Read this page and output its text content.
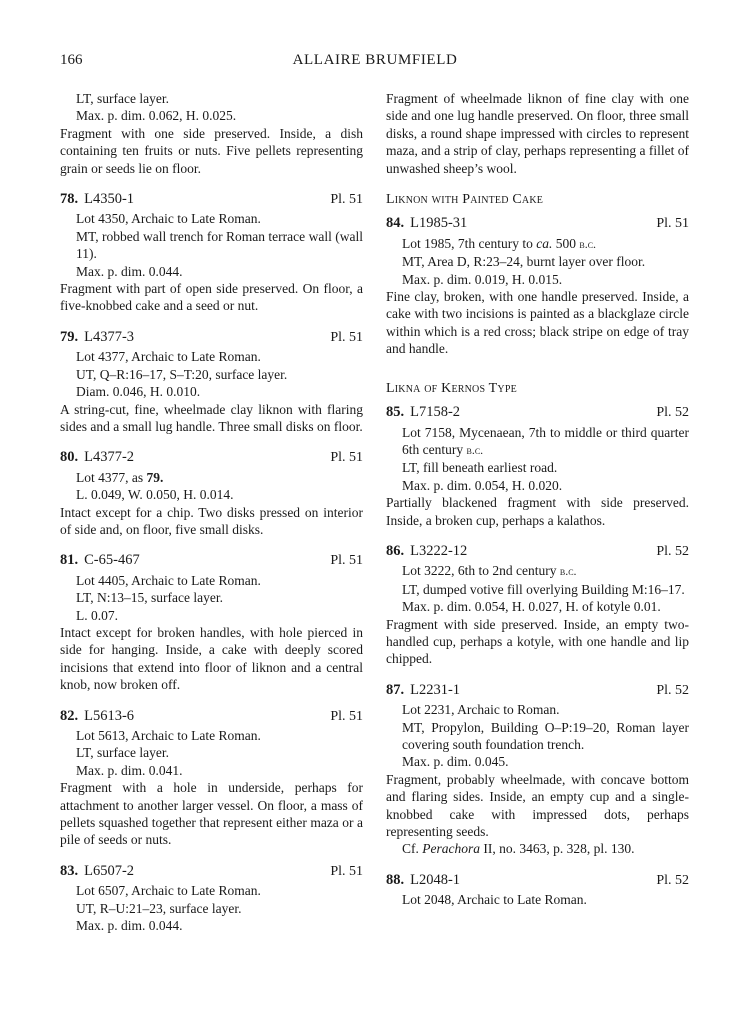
166	ALLAIRE BRUMFIELD

LT, surface layer.

Max. p. dim. 0.062, H. 0.025.

Fragment with one side preserved. Inside, a dish containing ten fruits or nuts. Five pellets representing grain or seeds lie on floor.

78. L4350-1	Pl. 51

Lot 4350, Archaic to Late Roman.

MT, robbed wall trench for Roman terrace wall (wall 11).

Max. p. dim. 0.044.

Fragment with part of open side preserved. On floor, a five-knobbed cake and a seed or nut.

79. L4377-3	Pl. 51

Lot 4377, Archaic to Late Roman.

UT, Q–R:16–17, S–T:20, surface layer.

Diam. 0.046, H. 0.010.

A string-cut, fine, wheelmade clay liknon with flaring sides and a small lug handle. Three small disks on floor.

80. L4377-2	Pl. 51

Lot 4377, as 79.

L. 0.049, W. 0.050, H. 0.014.

Intact except for a chip. Two disks pressed on interior of side and, on floor, five small disks.

81. C-65-467	Pl. 51

Lot 4405, Archaic to Late Roman.

LT, N:13–15, surface layer.

L. 0.07.

Intact except for broken handles, with hole pierced in side for hanging. Inside, a cake with deeply scored incisions that extend into floor of liknon and a central knob, now broken off.

82. L5613-6	Pl. 51

Lot 5613, Archaic to Late Roman.

LT, surface layer.

Max. p. dim. 0.041.

Fragment with a hole in underside, perhaps for attachment to another larger vessel. On floor, a mass of pellets squashed together that represent either maza or a pile of seeds or nuts.

83. L6507-2	Pl. 51

Lot 6507, Archaic to Late Roman.

UT, R–U:21–23, surface layer.

Max. p. dim. 0.044.

Fragment of wheelmade liknon of fine clay with one side and one lug handle preserved. On floor, three small disks, a round shape impressed with circles to represent maza, and a strip of clay, perhaps representing a fillet of unwashed sheep’s wool.

Liknon with Painted Cake
84. L1985-31	Pl. 51

Lot 1985, 7th century to ca. 500 b.c.

MT, Area D, R:23–24, burnt layer over floor.

Max. p. dim. 0.019, H. 0.015.

Fine clay, broken, with one handle preserved. Inside, a cake with two incisions is painted as a blackglaze circle within which is a red cross; black stripe on edge of tray and handle.

Likna of Kernos Type
85. L7158-2	Pl. 52

Lot 7158, Mycenaean, 7th to middle or third quarter 6th century b.c.

LT, fill beneath earliest road.

Max. p. dim. 0.054, H. 0.020.

Partially blackened fragment with side preserved. Inside, a broken cup, perhaps a kalathos.

86. L3222-12	Pl. 52

Lot 3222, 6th to 2nd century b.c.

LT, dumped votive fill overlying Building M:16–17.

Max. p. dim. 0.054, H. 0.027, H. of kotyle 0.01.

Fragment with side preserved. Inside, an empty two-handled cup, perhaps a kotyle, with one handle and lip chipped.

87. L2231-1	Pl. 52

Lot 2231, Archaic to Roman.

MT, Propylon, Building O–P:19–20, Roman layer covering south foundation trench.

Max. p. dim. 0.045.

Fragment, probably wheelmade, with concave bottom and flaring sides. Inside, an empty cup and a single-knobbed cake with impressed dots, perhaps representing seeds.

Cf. Perachora II, no. 3463, p. 328, pl. 130.

88. L2048-1	Pl. 52

Lot 2048, Archaic to Late Roman.
